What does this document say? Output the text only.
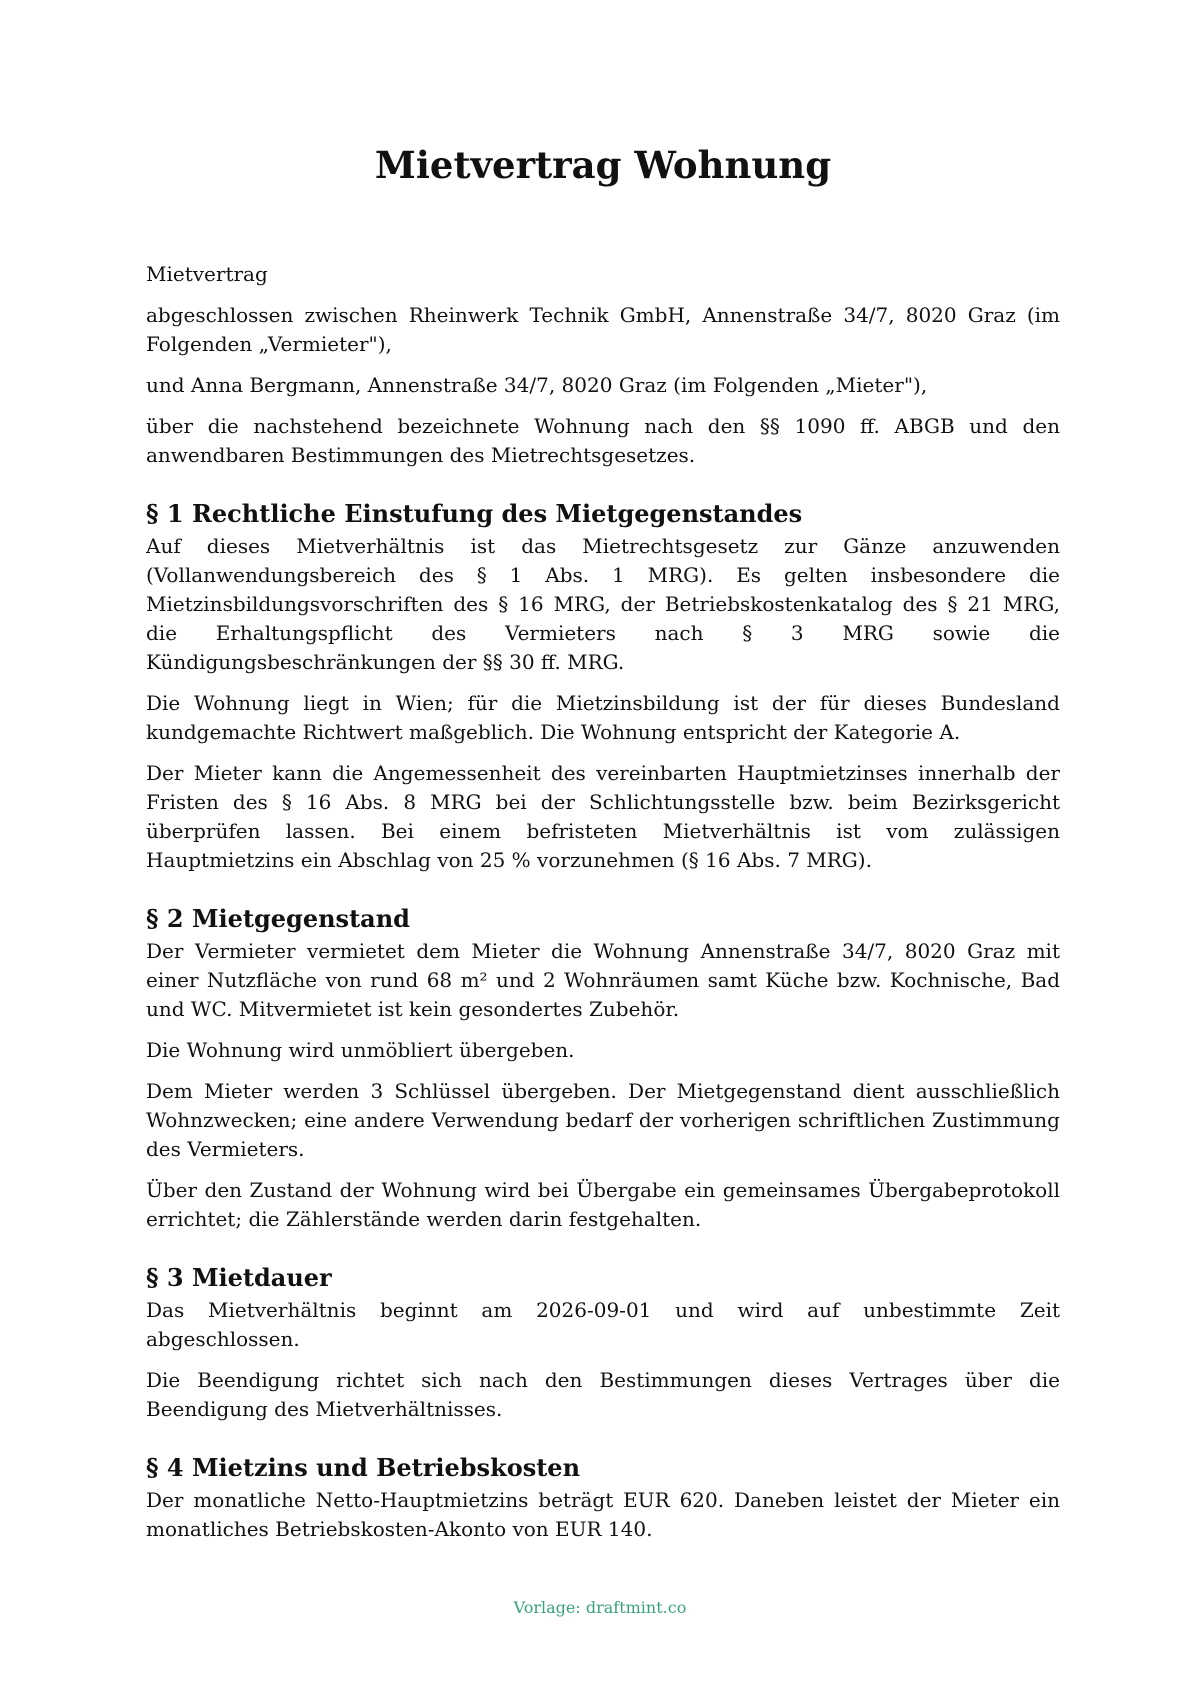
Mietvertrag Wohnung

Mietvertrag

abgeschlossen zwischen Rheinwerk Technik GmbH, Annenstraße 34/7, 8020 Graz (im Folgenden „Vermieter"),

und Anna Bergmann, Annenstraße 34/7, 8020 Graz (im Folgenden „Mieter"),

über die nachstehend bezeichnete Wohnung nach den §§ 1090 ff. ABGB und den anwendbaren Bestimmungen des Mietrechtsgesetzes.

§ 1 Rechtliche Einstufung des Mietgegenstandes

Auf dieses Mietverhältnis ist das Mietrechtsgesetz zur Gänze anzuwenden (Vollanwendungsbereich des § 1 Abs. 1 MRG). Es gelten insbesondere die Mietzinsbildungsvorschriften des § 16 MRG, der Betriebskostenkatalog des § 21 MRG, die Erhaltungspflicht des Vermieters nach § 3 MRG sowie die Kündigungsbeschränkungen der §§ 30 ff. MRG.

Die Wohnung liegt in Wien; für die Mietzinsbildung ist der für dieses Bundesland kundgemachte Richtwert maßgeblich. Die Wohnung entspricht der Kategorie A.

Der Mieter kann die Angemessenheit des vereinbarten Hauptmietzinses innerhalb der Fristen des § 16 Abs. 8 MRG bei der Schlichtungsstelle bzw. beim Bezirksgericht überprüfen lassen. Bei einem befristeten Mietverhältnis ist vom zulässigen Hauptmietzins ein Abschlag von 25 % vorzunehmen (§ 16 Abs. 7 MRG).

§ 2 Mietgegenstand

Der Vermieter vermietet dem Mieter die Wohnung Annenstraße 34/7, 8020 Graz mit einer Nutzfläche von rund 68 m² und 2 Wohnräumen samt Küche bzw. Kochnische, Bad und WC. Mitvermietet ist kein gesondertes Zubehör.

Die Wohnung wird unmöbliert übergeben.

Dem Mieter werden 3 Schlüssel übergeben. Der Mietgegenstand dient ausschließlich Wohnzwecken; eine andere Verwendung bedarf der vorherigen schriftlichen Zustimmung des Vermieters.

Über den Zustand der Wohnung wird bei Übergabe ein gemeinsames Übergabeprotokoll errichtet; die Zählerstände werden darin festgehalten.

§ 3 Mietdauer

Das Mietverhältnis beginnt am 2026-09-01 und wird auf unbestimmte Zeit abgeschlossen.

Die Beendigung richtet sich nach den Bestimmungen dieses Vertrages über die Beendigung des Mietverhältnisses.

§ 4 Mietzins und Betriebskosten

Der monatliche Netto-Hauptmietzins beträgt EUR 620. Daneben leistet der Mieter ein monatliches Betriebskosten-Akonto von EUR 140.

Vorlage: draftmint.co
